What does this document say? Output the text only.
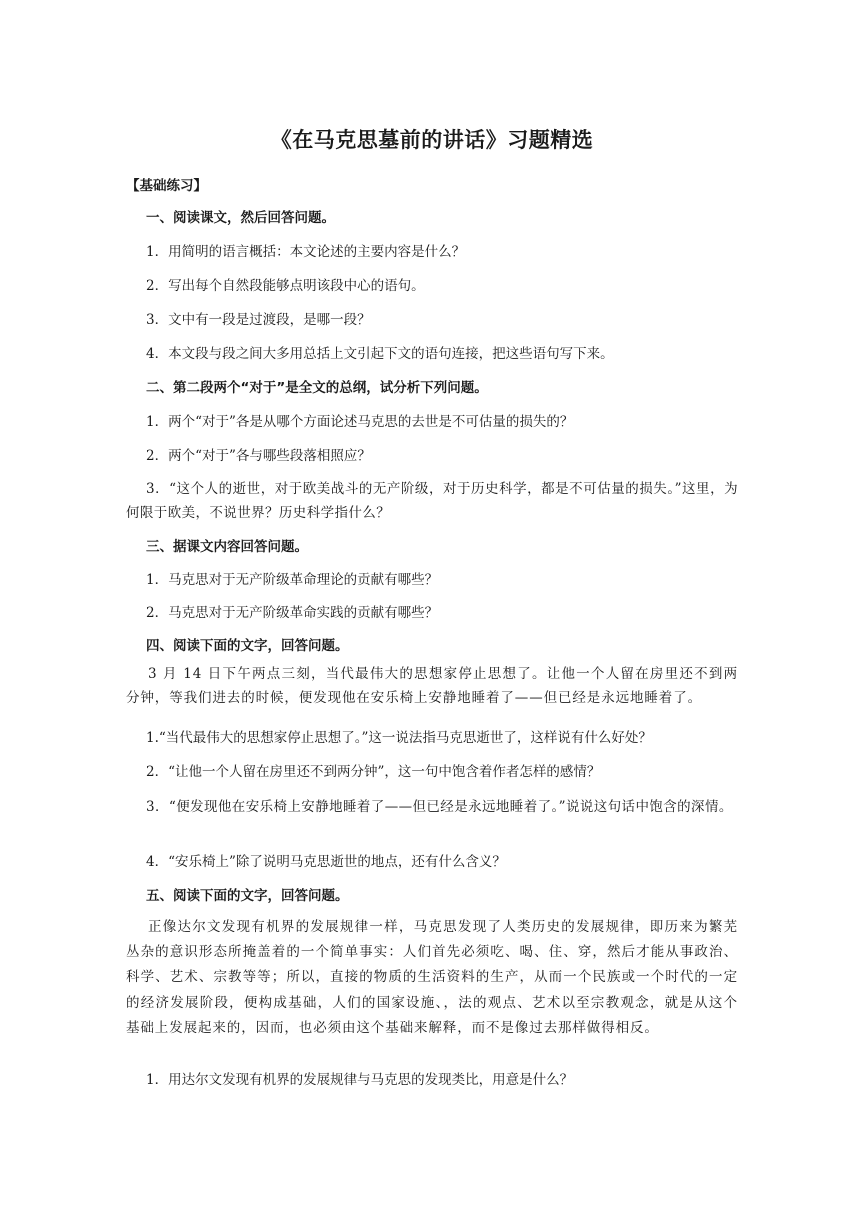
《在马克思墓前的讲话》习题精选
【基础练习】
一、阅读课文，然后回答问题。
1．用简明的语言概括：本文论述的主要内容是什么？
2．写出每个自然段能够点明该段中心的语句。
3．文中有一段是过渡段，是哪一段？
4．本文段与段之间大多用总括上文引起下文的语句连接，把这些语句写下来。
二、第二段两个“对于”是全文的总纲，试分析下列问题。
1．两个“对于”各是从哪个方面论述马克思的去世是不可估量的损失的？
2．两个“对于”各与哪些段落相照应？
3．“这个人的逝世，对于欧美战斗的无产阶级，对于历史科学，都是不可估量的损失。”这里，为何限于欧美，不说世界？历史科学指什么？
三、据课文内容回答问题。
1．马克思对于无产阶级革命理论的贡献有哪些？
2．马克思对于无产阶级革命实践的贡献有哪些？
四、阅读下面的文字，回答问题。
3 月 14 日下午两点三刻，当代最伟大的思想家停止思想了。让他一个人留在房里还不到两分钟，等我们进去的时候，便发现他在安乐椅上安静地睡着了——但已经是永远地睡着了。
1.“当代最伟大的思想家停止思想了。”这一说法指马克思逝世了，这样说有什么好处？
2．“让他一个人留在房里还不到两分钟”，这一句中饱含着作者怎样的感情？
3．“便发现他在安乐椅上安静地睡着了——但已经是永远地睡着了。”说说这句话中饱含的深情。
4．“安乐椅上”除了说明马克思逝世的地点，还有什么含义？
五、阅读下面的文字，回答问题。
正像达尔文发现有机界的发展规律一样，马克思发现了人类历史的发展规律，即历来为繁芜丛杂的意识形态所掩盖着的一个简单事实：人们首先必须吃、喝、住、穿，然后才能从事政治、科学、艺术、宗教等等；所以，直接的物质的生活资料的生产，从而一个民族或一个时代的一定的经济发展阶段，便构成基础，人们的国家设施、，法的观点、艺术以至宗教观念，就是从这个基础上发展起来的，因而，也必须由这个基础来解释，而不是像过去那样做得相反。
1．用达尔文发现有机界的发展规律与马克思的发现类比，用意是什么？
